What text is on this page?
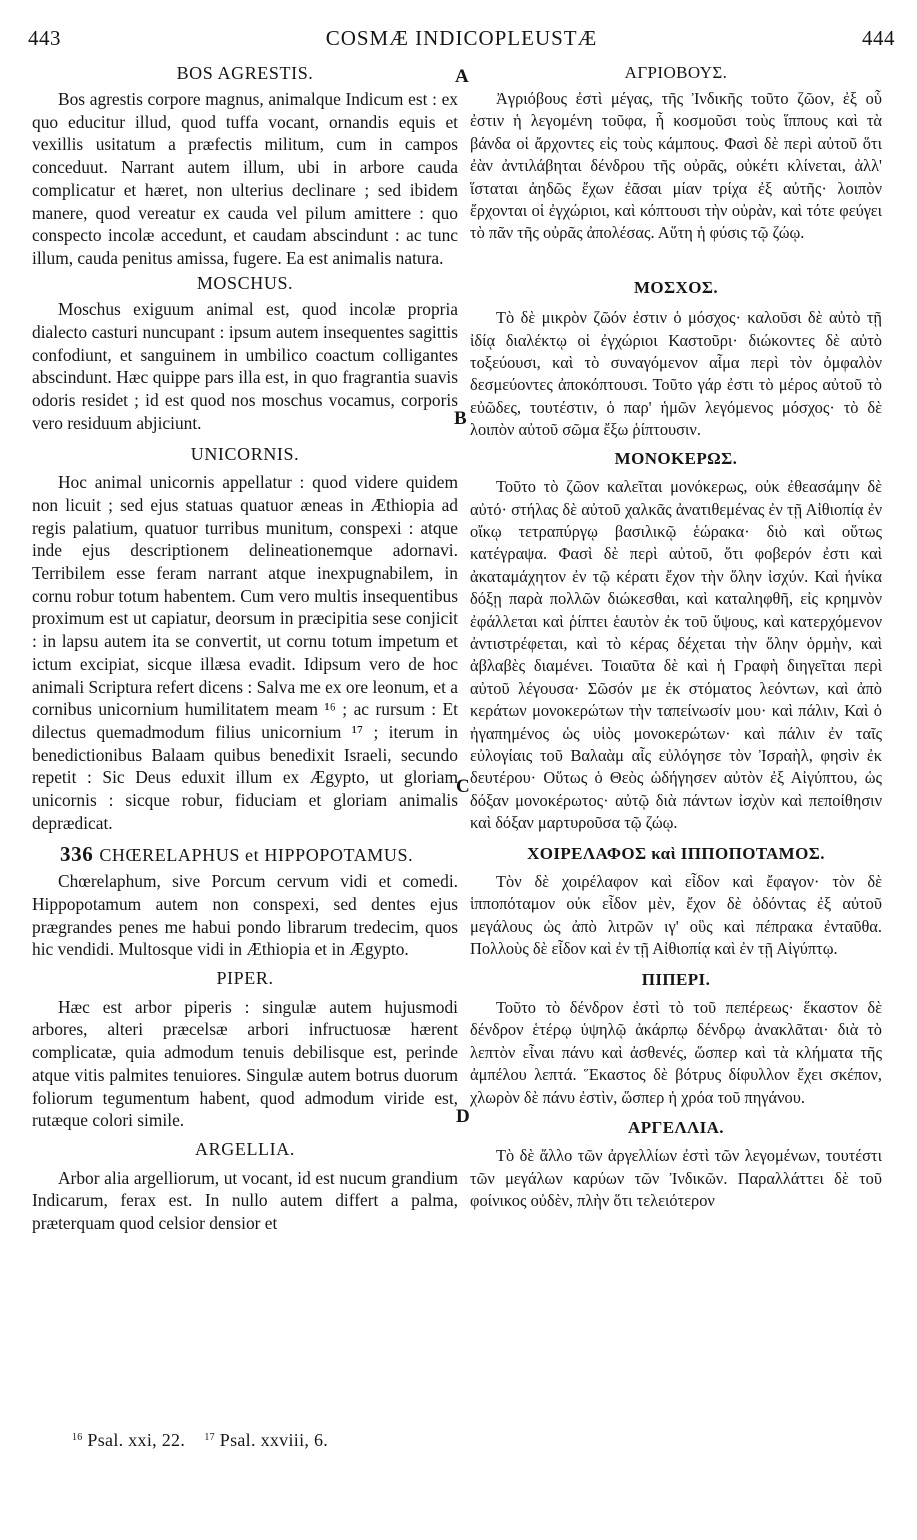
443	COSMÆ INDICOPLEUSTÆ	444
A
B
C
D
BOS AGRESTIS.

Bos agrestis corpore magnus, animalque Indicum est : ex quo educitur illud, quod tuffa vocant, ornandis equis et vexillis usitatum a præfectis militum, cum in campos conceduut. Narrant autem illum, ubi in arbore cauda complicatur et hæret, non ulterius declinare ; sed ibidem manere, quod vereatur ex cauda vel pilum amittere : quo conspecto incolæ accedunt, et caudam abscindunt : ac tunc illum, cauda penitus amissa, fugere. Ea est animalis natura.

MOSCHUS.

Moschus exiguum animal est, quod incolæ propria dialecto casturi nuncupant : ipsum autem insequentes sagittis confodiunt, et sanguinem in umbilico coactum colligantes abscindunt. Hæc quippe pars illa est, in quo fragrantia suavis odoris residet ; id est quod nos moschus vocamus, corporis vero residuum abjiciunt.

UNICORNIS.

Hoc animal unicornis appellatur : quod videre quidem non licuit ; sed ejus statuas quatuor æneas in Æthiopia ad regis palatium, quatuor turribus munitum, conspexi : atque inde ejus descriptionem delineationemque adornavi. Terribilem esse feram narrant atque inexpugnabilem, in cornu robur totum habentem. Cum vero multis insequentibus proximum est ut capiatur, deorsum in præcipitia sese conjicit : in lapsu autem ita se convertit, ut cornu totum impetum et ictum excipiat, sicque illæsa evadit. Idipsum vero de hoc animali Scriptura refert dicens : Salva me ex ore leonum, et a cornibus unicornium humilitatem meam ¹⁶ ; ac rursum : Et dilectus quemadmodum filius unicornium ¹⁷ ; iterum in benedictionibus Balaam quibus benedixit Israeli, secundo repetit : Sic Deus eduxit illum ex Ægypto, ut gloriam unicornis : sicque robur, fiduciam et gloriam animalis deprædicat.

336 CHŒRELAPHUS et HIPPOPOTAMUS.

Chœrelaphum, sive Porcum cervum vidi et comedi. Hippopotamum autem non conspexi, sed dentes ejus prægrandes penes me habui pondo librarum tredecim, quos hic vendidi. Multosque vidi in Æthiopia et in Ægypto.

PIPER.

Hæc est arbor piperis : singulæ autem hujusmodi arbores, alteri præcelsæ arbori infructuosæ hærent complicatæ, quia admodum tenuis debilisque est, perinde atque vitis palmites tenuiores. Singulæ autem botrus duorum foliorum tegumentum habent, quod admodum viride est, rutæque colori simile.

ARGELLIA.

Arbor alia argelliorum, ut vocant, id est nucum grandium Indicarum, ferax est. In nullo autem differt a palma, præterquam quod celsior densior et

ΑΓΡΙΟΒΟΥΣ.

Ἀγριόβους ἐστὶ μέγας, τῆς Ἰνδικῆς τοῦτο ζῶον, ἐξ οὗ ἐστιν ἡ λεγομένη τοῦφα, ἧ κοσμοῦσι τοὺς ἵππους καὶ τὰ βάνδα οἱ ἄρχοντες εἰς τοὺς κάμπους. Φασὶ δὲ περὶ αὐτοῦ ὅτι ἐὰν ἀντιλάβηται δένδρου τῆς οὐρᾶς, οὐκέτι κλίνεται, ἀλλ' ἵσταται ἀηδῶς ἔχων ἐᾶσαι μίαν τρίχα ἐξ αὐτῆς· λοιπὸν ἔρχονται οἱ ἐγχώριοι, καὶ κόπτουσι τὴν οὐρὰν, καὶ τότε φεύγει τὸ πᾶν τῆς οὐρᾶς ἀπολέσας. Αὕτη ἡ φύσις τῷ ζώῳ.

ΜΟΣΧΟΣ.

Τὸ δὲ μικρὸν ζῶόν ἐστιν ὁ μόσχος· καλοῦσι δὲ αὐτὸ τῇ ἰδίᾳ διαλέκτῳ οἱ ἐγχώριοι Καστοῦρι· διώκοντες δὲ αὐτὸ τοξεύουσι, καὶ τὸ συναγόμενον αἷμα περὶ τὸν ὀμφαλὸν δεσμεύοντες ἀποκόπτουσι. Τοῦτο γάρ ἐστι τὸ μέρος αὐτοῦ τὸ εὐῶδες, τουτέστιν, ὁ παρ' ἡμῶν λεγόμενος μόσχος· τὸ δὲ λοιπὸν αὐτοῦ σῶμα ἔξω ῥίπτουσιν.

ΜΟΝΟΚΕΡΩΣ.

Τοῦτο τὸ ζῶον καλεῖται μονόκερως, οὐκ ἐθεασάμην δὲ αὐτό· στήλας δὲ αὐτοῦ χαλκᾶς ἀνατιθεμένας ἐν τῇ Αἰθιοπίᾳ ἐν οἴκῳ τετραπύργῳ βασιλικῷ ἑώρακα· διὸ καὶ οὕτως κατέγραψα. Φασὶ δὲ περὶ αὐτοῦ, ὅτι φοβερόν ἐστι καὶ ἀκαταμάχητον ἐν τῷ κέρατι ἔχον τὴν ὅλην ἰσχύν. Καὶ ἡνίκα δόξῃ παρὰ πολλῶν διώκεσθαι, καὶ καταληφθῆ, εἰς κρημνὸν ἐφάλλεται καὶ ῥίπτει ἑαυτὸν ἐκ τοῦ ὕψους, καὶ κατερχόμενον ἀντιστρέφεται, καὶ τὸ κέρας δέχεται τὴν ὅλην ὁρμὴν, καὶ ἀβλαβὲς διαμένει. Τοιαῦτα δὲ καὶ ἡ Γραφὴ διηγεῖται περὶ αὐτοῦ λέγουσα· Σῶσόν με ἐκ στόματος λεόντων, καὶ ἀπὸ κεράτων μονοκερώτων τὴν ταπείνωσίν μου· καὶ πάλιν, Καὶ ὁ ἠγαπημένος ὡς υἱὸς μονοκερώτων· καὶ πάλιν ἐν ταῖς εὐλογίαις τοῦ Βαλαὰμ αἷς εὐλόγησε τὸν Ἰσραὴλ, φησὶν ἐκ δευτέρου· Οὕτως ὁ Θεὸς ὡδήγησεν αὐτὸν ἐξ Αἰγύπτου, ὡς δόξαν μονοκέρωτος· αὐτῷ διὰ πάντων ἰσχὺν καὶ πεποίθησιν καὶ δόξαν μαρτυροῦσα τῷ ζώῳ.

ΧΟΙΡΕΛΑΦΟΣ καὶ ΙΠΠΟΠΟΤΑΜΟΣ.

Τὸν δὲ χοιρέλαφον καὶ εἶδον καὶ ἔφαγον· τὸν δὲ ἱπποπόταμον οὐκ εἶδον μὲν, ἔχον δὲ ὀδόντας ἐξ αὐτοῦ μεγάλους ὡς ἀπὸ λιτρῶν ιγ' οὓς καὶ πέπρακα ἐνταῦθα. Πολλοὺς δὲ εἶδον καὶ ἐν τῇ Αἰθιοπίᾳ καὶ ἐν τῇ Αἰγύπτῳ.

ΠΙΠΕΡΙ.

Τοῦτο τὸ δένδρον ἐστὶ τὸ τοῦ πεπέρεως· ἕκαστον δὲ δένδρον ἑτέρῳ ὑψηλῷ ἀκάρπῳ δένδρῳ ἀνακλᾶται· διὰ τὸ λεπτὸν εἶναι πάνυ καὶ ἀσθενές, ὥσπερ καὶ τὰ κλήματα τῆς ἀμπέλου λεπτά. Ἕκαστος δὲ βότρυς δίφυλλον ἔχει σκέπον, χλωρὸν δὲ πάνυ ἐστὶν, ὥσπερ ἡ χρόα τοῦ πηγάνου.

ΑΡΓΕΛΛΙΑ.

Τὸ δὲ ἄλλο τῶν ἀργελλίων ἐστὶ τῶν λεγομένων, τουτέστι τῶν μεγάλων καρύων τῶν Ἰνδικῶν. Παραλλάττει δὲ τοῦ φοίνικος οὐδὲν, πλὴν ὅτι τελειότερον

$^{16}$ Psal. xxi, 22. $^{17}$ Psal. xxviii, 6.
